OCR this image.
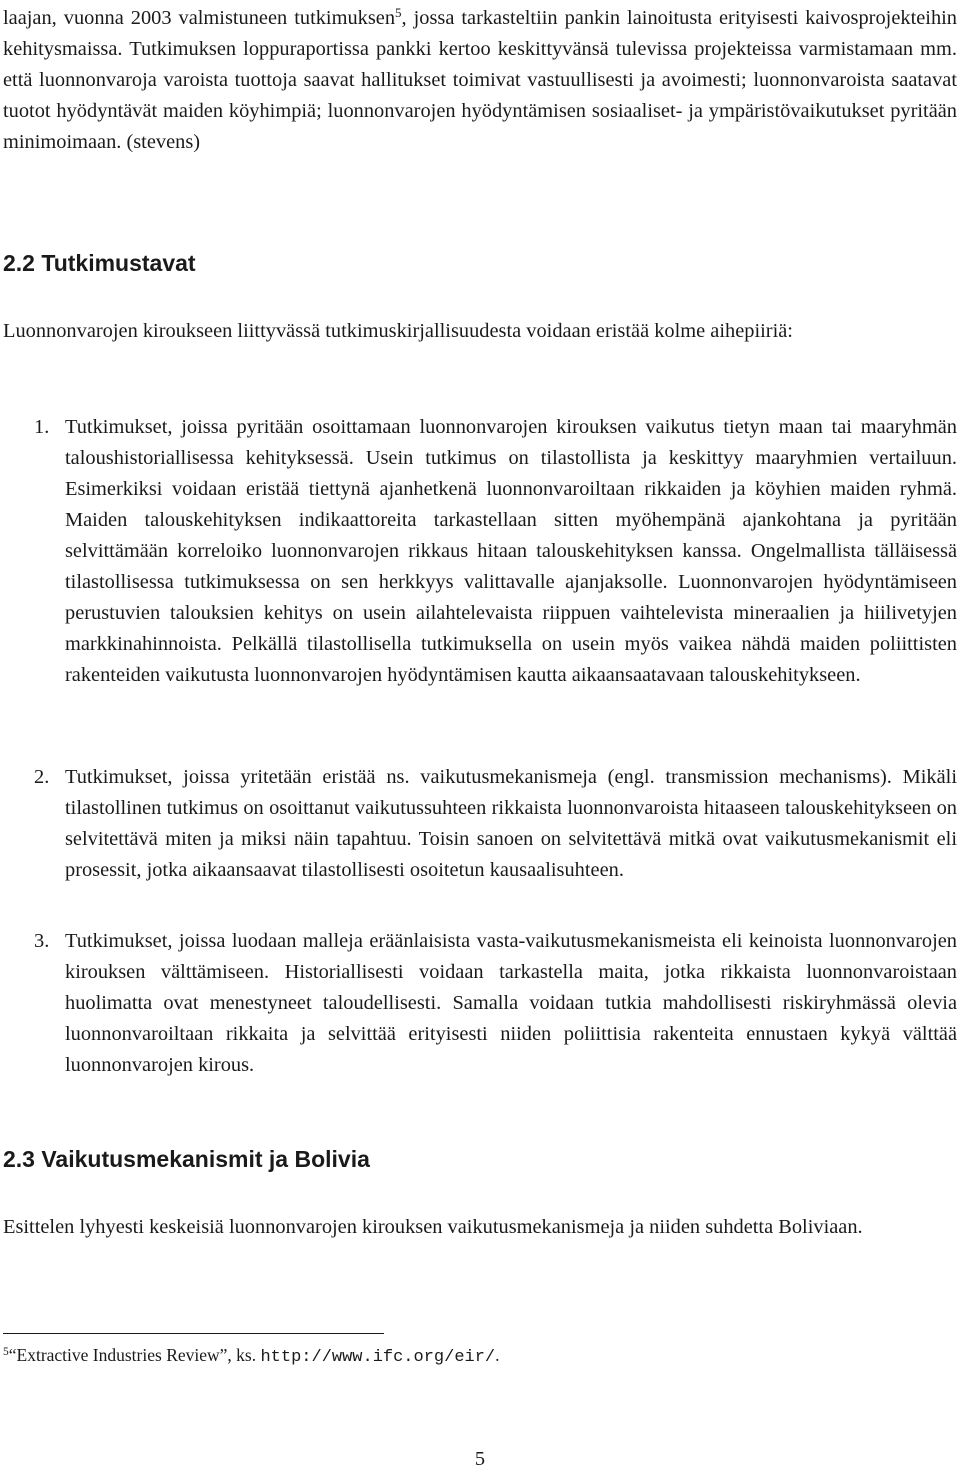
laajan, vuonna 2003 valmistuneen tutkimuksen$^5$, jossa tarkasteltiin pankin lainoitusta erityisesti kaivosprojekteihin kehitysmaissa. Tutkimuksen loppuraportissa pankki kertoo keskittyvänsä tulevissa projekteissa varmistamaan mm. että luonnonvaroja varoista tuottoja saavat hallitukset toimivat vastuullisesti ja avoimesti; luonnonvaroista saatavat tuotot hyödyntävät maiden köyhimpiä; luonnonvarojen hyödyntämisen sosiaaliset- ja ympäristövaikutukset pyritään minimoimaan. (stevens)

2.2 Tutkimustavat

Luonnonvarojen kiroukseen liittyvässä tutkimuskirjallisuudesta voidaan eristää kolme aihepiiriä:

1. Tutkimukset, joissa pyritään osoittamaan luonnonvarojen kirouksen vaikutus tietyn maan tai maaryhmän taloushistoriallisessa kehityksessä. Usein tutkimus on tilastollista ja keskittyy maaryhmien vertailuun. Esimerkiksi voidaan eristää tiettynä ajanhetkenä luonnonvaroiltaan rikkaiden ja köyhien maiden ryhmä. Maiden talouskehityksen indikaattoreita tarkastellaan sitten myöhempänä ajankohtana ja pyritään selvittämään korreloiko luonnonvarojen rikkaus hitaan talouskehityksen kanssa. Ongelmallista tälläisessä tilastollisessa tutkimuksessa on sen herkkyys valittavalle ajanjaksolle. Luonnonvarojen hyödyntämiseen perustuvien talouksien kehitys on usein ailahtelevaista riippuen vaihtelevista mineraalien ja hiilivetyjen markkinahinnoista. Pelkällä tilastollisella tutkimuksella on usein myös vaikea nähdä maiden poliittisten rakenteiden vaikutusta luonnonvarojen hyödyntämisen kautta aikaansaatavaan talouskehitykseen.
2. Tutkimukset, joissa yritetään eristää ns. vaikutusmekanismeja (engl. transmission mechanisms). Mikäli tilastollinen tutkimus on osoittanut vaikutussuhteen rikkaista luonnonvaroista hitaaseen talouskehitykseen on selvitettävä miten ja miksi näin tapahtuu. Toisin sanoen on selvitettävä mitkä ovat vaikutusmekanismit eli prosessit, jotka aikaansaavat tilastollisesti osoitetun kausaalisuhteen.
3. Tutkimukset, joissa luodaan malleja eräänlaisista vasta-vaikutusmekanismeista eli keinoista luonnonvarojen kirouksen välttämiseen. Historiallisesti voidaan tarkastella maita, jotka rikkaista luonnonvaroistaan huolimatta ovat menestyneet taloudellisesti. Samalla voidaan tutkia mahdollisesti riskiryhmässä olevia luonnonvaroiltaan rikkaita ja selvittää erityisesti niiden poliittisia rakenteita ennustaen kykyä välttää luonnonvarojen kirous.
2.3 Vaikutusmekanismit ja Bolivia

Esittelen lyhyesti keskeisiä luonnonvarojen kirouksen vaikutusmekanismeja ja niiden suhdetta Boliviaan.

$^5$“Extractive Industries Review”, ks. http://www.ifc.org/eir/.
5
